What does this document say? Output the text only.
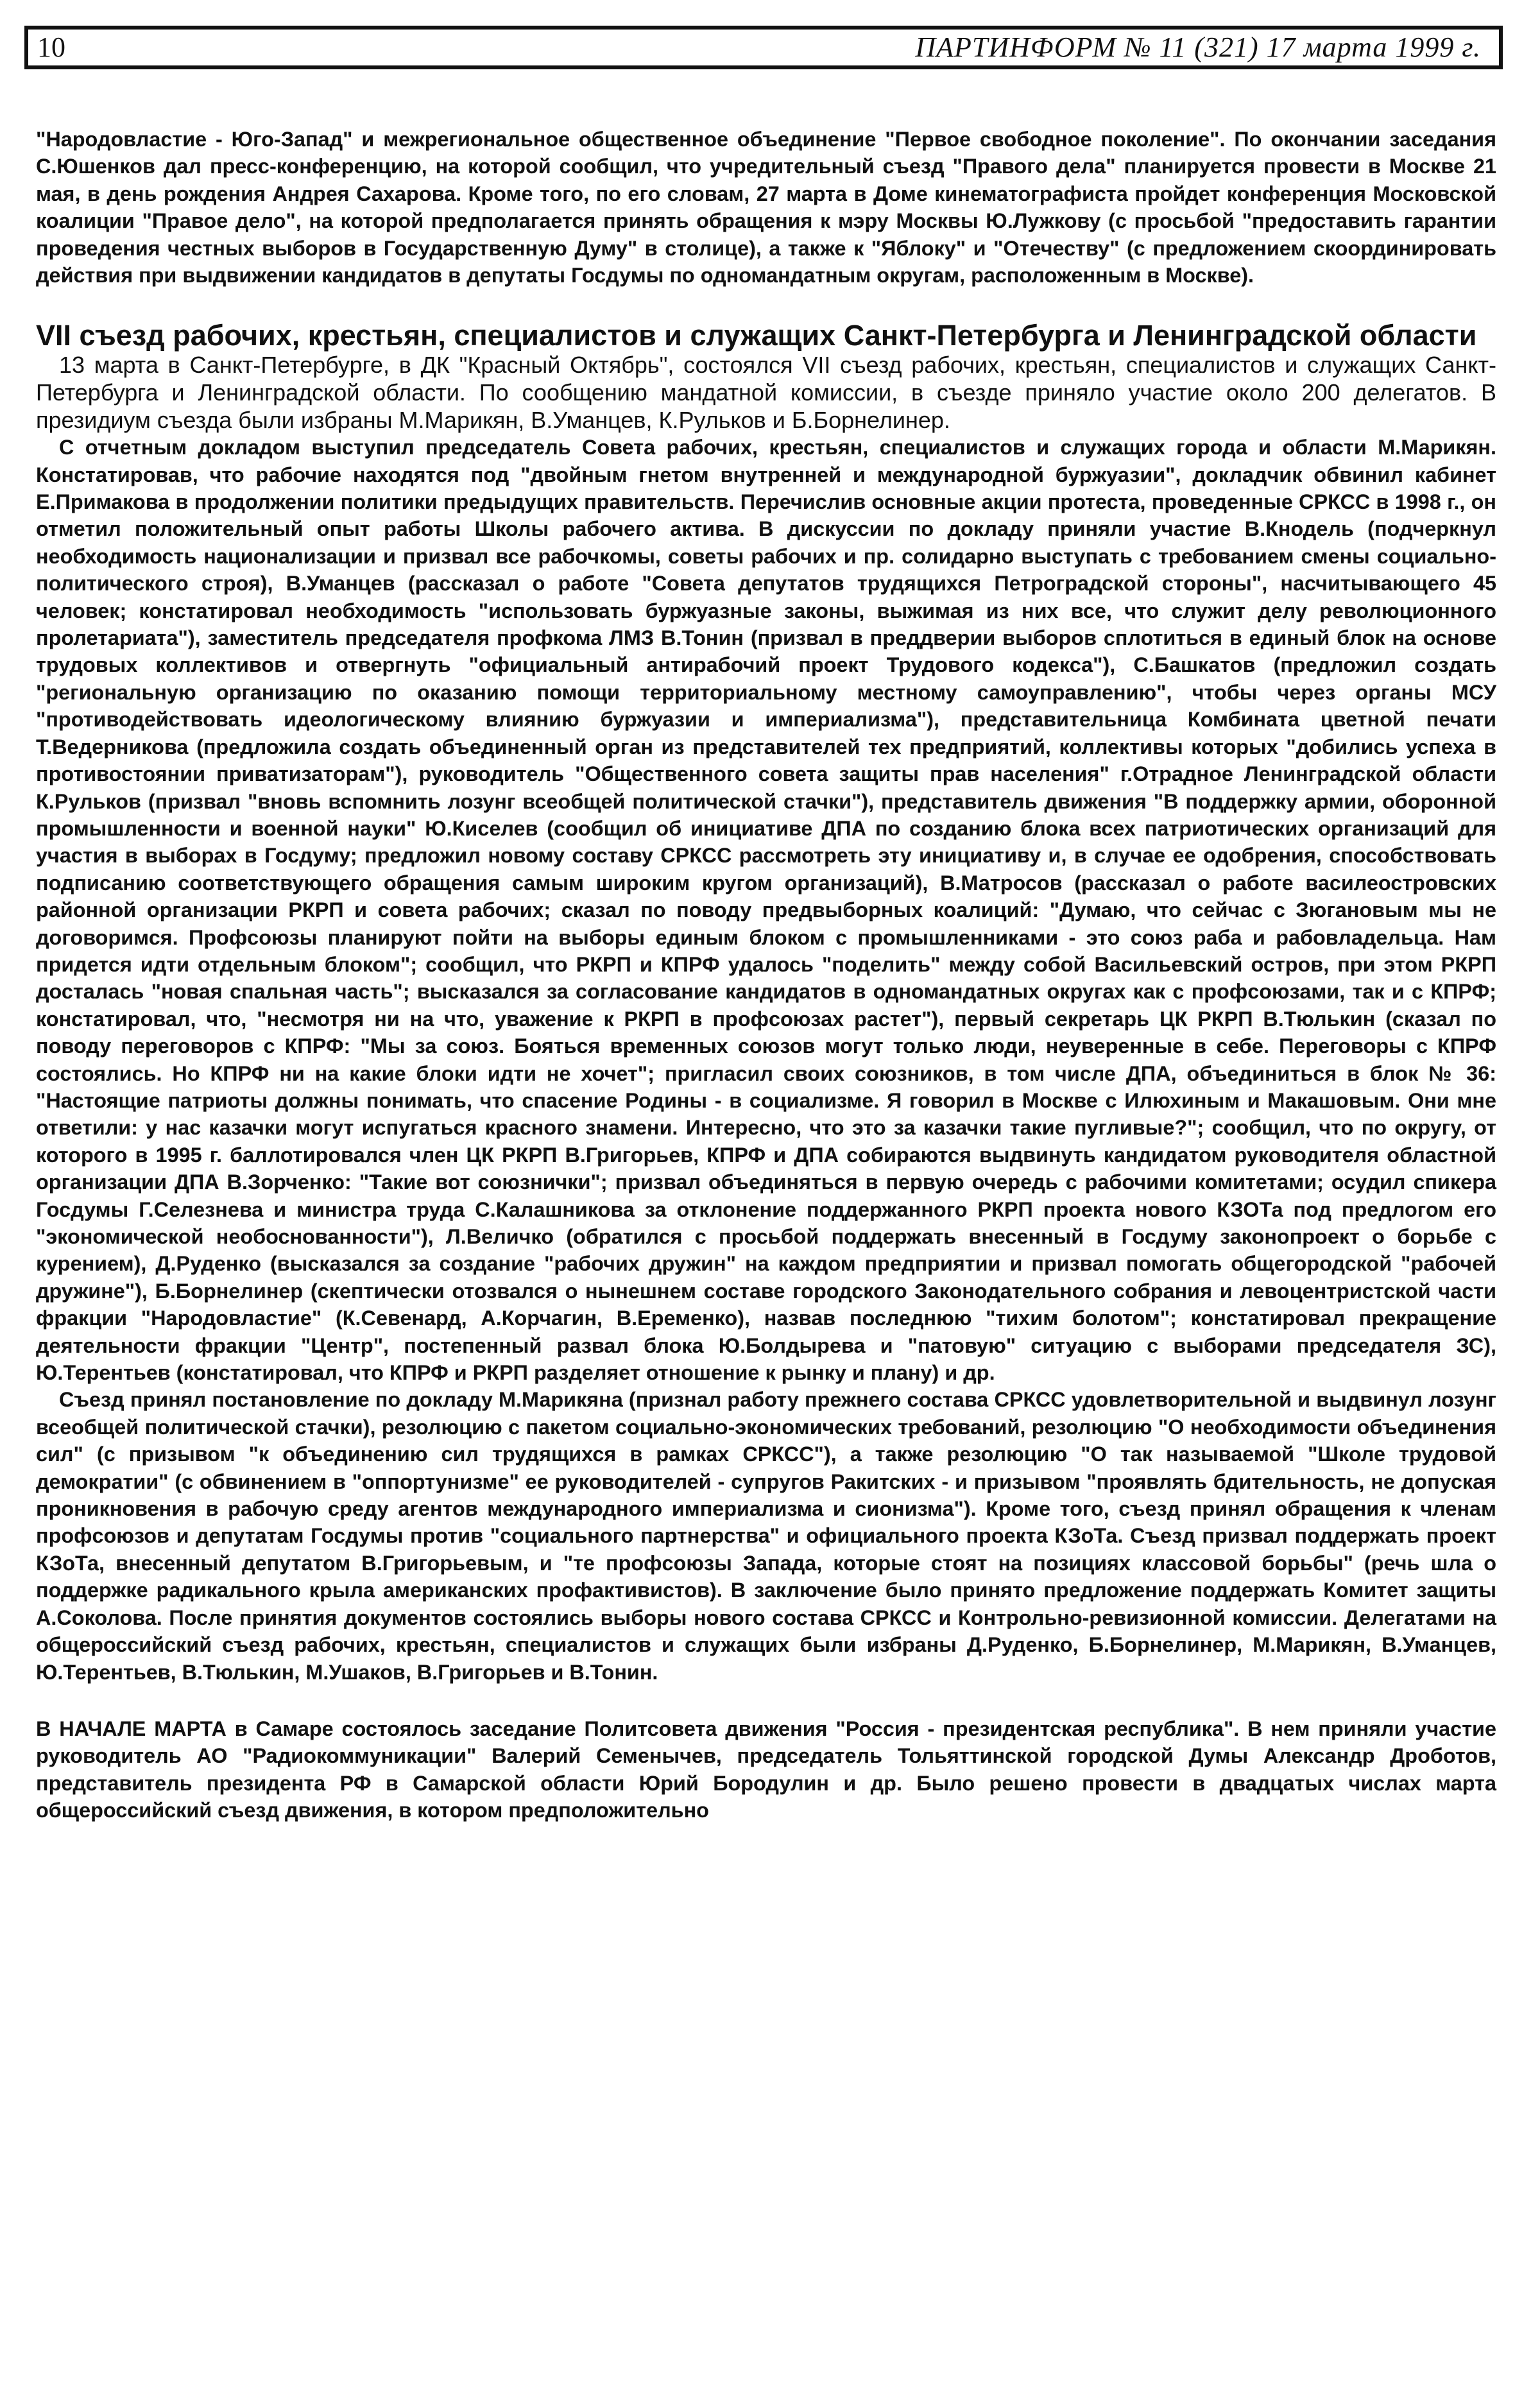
10	ПАРТИНФОРМ № 11 (321) 17 марта 1999 г.

"Народовластие - Юго-Запад" и межрегиональное общественное объединение "Первое свободное поколение". По окончании заседания С.Юшенков дал пресс-конференцию, на которой сообщил, что учредительный съезд "Правого дела" планируется провести в Москве 21 мая, в день рождения Андрея Сахарова. Кроме того, по его словам, 27 марта в Доме кинематографиста пройдет конференция Московской коалиции "Правое дело", на которой предполагается принять обращения к мэру Москвы Ю.Лужкову (с просьбой "предоставить гарантии проведения честных выборов в Государственную Думу" в столице), а также к "Яблоку" и "Отечеству" (с предложением скоординировать действия при выдвижении кандидатов в депутаты Госдумы по одномандатным округам, расположенным в Москве).

VII съезд рабочих, крестьян, специалистов и служащих Санкт-Петербурга и Ленинградской области

13 марта в Санкт-Петербурге, в ДК "Красный Октябрь", состоялся VII съезд рабочих, крестьян, специалистов и служащих Санкт-Петербурга и Ленинградской области. По сообщению мандатной комиссии, в съезде приняло участие около 200 делегатов. В президиум съезда были избраны М.Марикян, В.Уманцев, К.Рульков и Б.Борнелинер.

С отчетным докладом выступил председатель Совета рабочих, крестьян, специалистов и служащих города и области М.Марикян. Констатировав, что рабочие находятся под "двойным гнетом внутренней и международной буржуазии", докладчик обвинил кабинет Е.Примакова в продолжении политики предыдущих правительств. Перечислив основные акции протеста, проведенные СРКСС в 1998 г., он отметил положительный опыт работы Школы рабочего актива. В дискуссии по докладу приняли участие В.Кнодель (подчеркнул необходимость национализации и призвал все рабочкомы, советы рабочих и пр. солидарно выступать с требованием смены социально-политического строя), В.Уманцев (рассказал о работе "Совета депутатов трудящихся Петроградской стороны", насчитывающего 45 человек; констатировал необходимость "использовать буржуазные законы, выжимая из них все, что служит делу революционного пролетариата"), заместитель председателя профкома ЛМЗ В.Тонин (призвал в преддверии выборов сплотиться в единый блок на основе трудовых коллективов и отвергнуть "официальный антирабочий проект Трудового кодекса"), С.Башкатов (предложил создать "региональную организацию по оказанию помощи территориальному местному самоуправлению", чтобы через органы МСУ "противодействовать идеологическому влиянию буржуазии и империализма"), представительница Комбината цветной печати Т.Ведерникова (предложила создать объединенный орган из представителей тех предприятий, коллективы которых "добились успеха в противостоянии приватизаторам"), руководитель "Общественного совета защиты прав населения" г.Отрадное Ленинградской области К.Рульков (призвал "вновь вспомнить лозунг всеобщей политической стачки"), представитель движения "В поддержку армии, оборонной промышленности и военной науки" Ю.Киселев (сообщил об инициативе ДПА по созданию блока всех патриотических организаций для участия в выборах в Госдуму; предложил новому составу СРКСС рассмотреть эту инициативу и, в случае ее одобрения, способствовать подписанию соответствующего обращения самым широким кругом организаций), В.Матросов (рассказал о работе василеостровских районной организации РКРП и совета рабочих; сказал по поводу предвыборных коалиций: "Думаю, что сейчас с Зюгановым мы не договоримся. Профсоюзы планируют пойти на выборы единым блоком с промышленниками - это союз раба и рабовладельца. Нам придется идти отдельным блоком"; сообщил, что РКРП и КПРФ удалось "поделить" между собой Васильевский остров, при этом РКРП досталась "новая спальная часть"; высказался за согласование кандидатов в одномандатных округах как с профсоюзами, так и с КПРФ; констатировал, что, "несмотря ни на что, уважение к РКРП в профсоюзах растет"), первый секретарь ЦК РКРП В.Тюлькин (сказал по поводу переговоров с КПРФ: "Мы за союз. Бояться временных союзов могут только люди, неуверенные в себе. Переговоры с КПРФ состоялись. Но КПРФ ни на какие блоки идти не хочет"; пригласил своих союзников, в том числе ДПА, объединиться в блок № 36: "Настоящие патриоты должны понимать, что спасение Родины - в социализме. Я говорил в Москве с Илюхиным и Макашовым. Они мне ответили: у нас казачки могут испугаться красного знамени. Интересно, что это за казачки такие пугливые?"; сообщил, что по округу, от которого в 1995 г. баллотировался член ЦК РКРП В.Григорьев, КПРФ и ДПА собираются выдвинуть кандидатом руководителя областной организации ДПА В.Зорченко: "Такие вот союзнички"; призвал объединяться в первую очередь с рабочими комитетами; осудил спикера Госдумы Г.Селезнева и министра труда С.Калашникова за отклонение поддержанного РКРП проекта нового КЗОТа под предлогом его "экономической необоснованности"), Л.Величко (обратился с просьбой поддержать внесенный в Госдуму законопроект о борьбе с курением), Д.Руденко (высказался за создание "рабочих дружин" на каждом предприятии и призвал помогать общегородской "рабочей дружине"), Б.Борнелинер (скептически отозвался о нынешнем составе городского Законодательного собрания и левоцентристской части фракции "Народовластие" (К.Севенард, А.Корчагин, В.Еременко), назвав последнюю "тихим болотом"; констатировал прекращение деятельности фракции "Центр", постепенный развал блока Ю.Болдырева и "патовую" ситуацию с выборами председателя ЗС), Ю.Терентьев (констатировал, что КПРФ и РКРП разделяет отношение к рынку и плану) и др.

Съезд принял постановление по докладу М.Марикяна (признал работу прежнего состава СРКСС удовлетворительной и выдвинул лозунг всеобщей политической стачки), резолюцию с пакетом социально-экономических требований, резолюцию "О необходимости объединения сил" (с призывом "к объединению сил трудящихся в рамках СРКСС"), а также резолюцию "О так называемой "Школе трудовой демократии" (с обвинением в "оппортунизме" ее руководителей - супругов Ракитских - и призывом "проявлять бдительность, не допуская проникновения в рабочую среду агентов международного империализма и сионизма"). Кроме того, съезд принял обращения к членам профсоюзов и депутатам Госдумы против "социального партнерства" и официального проекта КЗоТа. Съезд призвал поддержать проект КЗоТа, внесенный депутатом В.Григорьевым, и "те профсоюзы Запада, которые стоят на позициях классовой борьбы" (речь шла о поддержке радикального крыла американских профактивистов). В заключение было принято предложение поддержать Комитет защиты А.Соколова. После принятия документов состоялись выборы нового состава СРКСС и Контрольно-ревизионной комиссии. Делегатами на общероссийский съезд рабочих, крестьян, специалистов и служащих были избраны Д.Руденко, Б.Борнелинер, М.Марикян, В.Уманцев, Ю.Терентьев, В.Тюлькин, М.Ушаков, В.Григорьев и В.Тонин.

В НАЧАЛЕ МАРТА в Самаре состоялось заседание Политсовета движения "Россия - президентская республика". В нем приняли участие руководитель АО "Радиокоммуникации" Валерий Семенычев, председатель Тольяттинской городской Думы Александр Дроботов, представитель президента РФ в Самарской области Юрий Бородулин и др. Было решено провести в двадцатых числах марта общероссийский съезд движения, в котором предположительно
